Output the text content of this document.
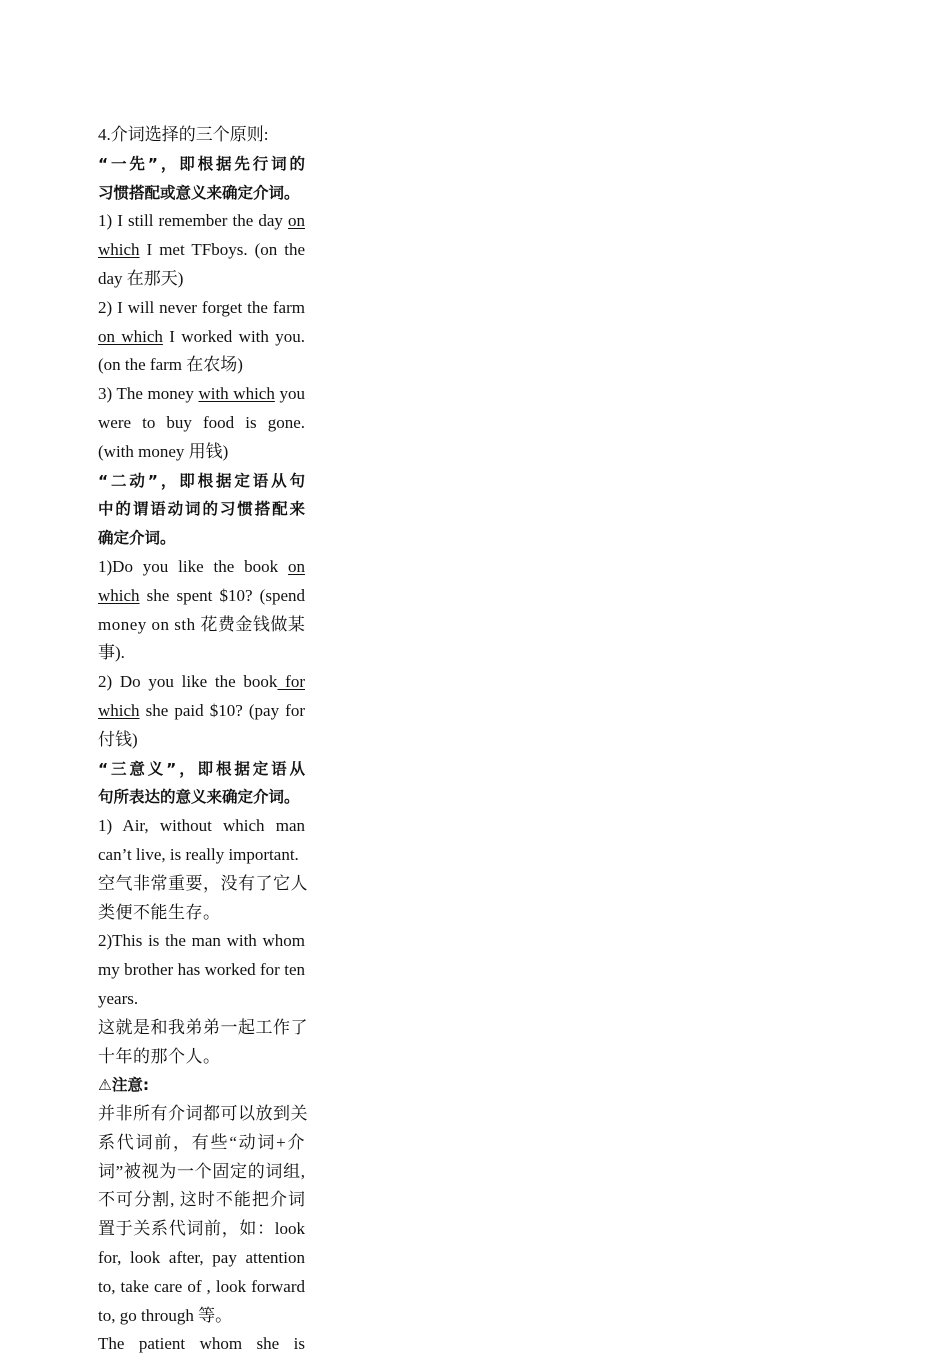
4.介词选择的三个原则:
“一先”，即根据先行词的
习惯搭配或意义来确定介词。
1) I still remember the day on
which I met TFboys. (on the
day 在那天)
2) I will never forget the farm
on which I worked with you.
(on the farm 在农场)
3) The money with which you
were to buy food is gone.
(with money 用钱)
“二动”，即根据定语从句
中的谓语动词的习惯搭配来
确定介词。
1)Do you like the book on
which she spent $10? (spend
money on sth 花费金钱做某
事).
2) Do you like the book for
which she paid $10? (pay for
付钱)
“三意义”，即根据定语从
句所表达的意义来确定介词。
1) Air, without which man
can’t live, is really important.
空气非常重要，没有了它人
类便不能生存。
2)This is the man with whom
my brother has worked for ten
years.
这就是和我弟弟一起工作了
十年的那个人。
⚠注意:
并非所有介词都可以放到关
系代词前，有些“动词+介
词”被视为一个固定的词组,
不可分割, 这时不能把介词
置于关系代词前，如：look
for, look after, pay attention
to, take care of , look forward
to, go through 等。
The patient whom she is
